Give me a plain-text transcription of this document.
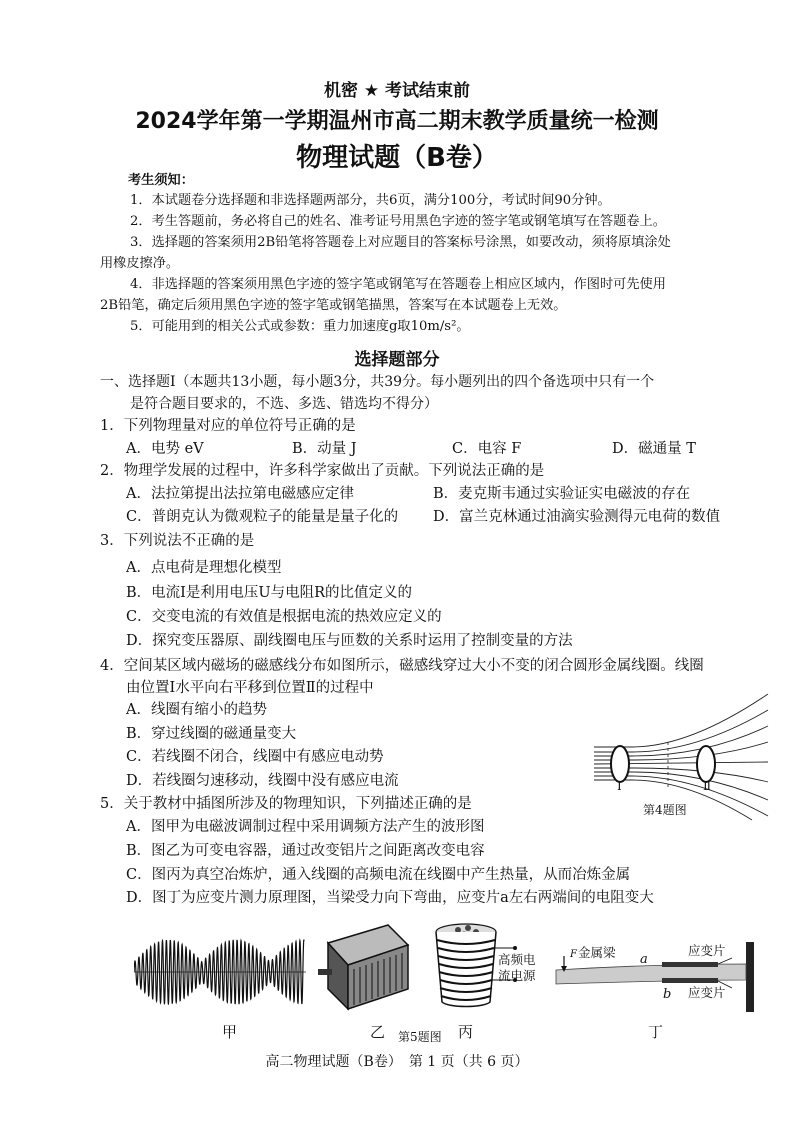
机密 ★ 考试结束前
2024学年第一学期温州市高二期末教学质量统一检测
物理试题（B卷）
考生须知：
1．本试题卷分选择题和非选择题两部分，共6页，满分100分，考试时间90分钟。
2．考生答题前，务必将自己的姓名、准考证号用黑色字迹的签字笔或钢笔填写在答题卷上。
3．选择题的答案须用2B铅笔将答题卷上对应题目的答案标号涂黑，如要改动，须将原填涂处
用橡皮擦净。
4．非选择题的答案须用黑色字迹的签字笔或钢笔写在答题卷上相应区域内，作图时可先使用
2B铅笔，确定后须用黑色字迹的签字笔或钢笔描黑，答案写在本试题卷上无效。
5．可能用到的相关公式或参数：重力加速度g取10m/s²。
选择题部分
一、选择题Ⅰ（本题共13小题，每小题3分，共39分。每小题列出的四个备选项中只有一个
是符合题目要求的，不选、多选、错选均不得分）
1．下列物理量对应的单位符号正确的是
A．电势 eV	B．动量 J	C．电容 F	D．磁通量 T
2．物理学发展的过程中，许多科学家做出了贡献。下列说法正确的是
A．法拉第提出法拉第电磁感应定律	B．麦克斯韦通过实验证实电磁波的存在
C．普朗克认为微观粒子的能量是量子化的 D．富兰克林通过油滴实验测得元电荷的数值
3．下列说法不正确的是
A．点电荷是理想化模型
B．电流I是利用电压U与电阻R的比值定义的
C．交变电流的有效值是根据电流的热效应定义的
D．探究变压器原、副线圈电压与匝数的关系时运用了控制变量的方法
4．空间某区域内磁场的磁感线分布如图所示，磁感线穿过大小不变的闭合圆形金属线圈。线圈
由位置Ⅰ水平向右平移到位置Ⅱ的过程中
A．线圈有缩小的趋势
B．穿过线圈的磁通量变大
C．若线圈不闭合，线圈中有感应电动势
D．若线圈匀速移动，线圈中没有感应电流	Ⅰ	Ⅱ
第4题图
5．关于教材中插图所涉及的物理知识，下列描述正确的是
A．图甲为电磁波调制过程中采用调频方法产生的波形图
B．图乙为可变电容器，通过改变铝片之间距离改变电容
C．图丙为真空冶炼炉，通入线圈的高频电流在线圈中产生热量，从而冶炼金属
D．图丁为应变片测力原理图，当梁受力向下弯曲，应变片a左右两端间的电阻变大
高频电
流电源
F 金属梁 a
b
应变片
应变片
甲	乙 第5题图 丙	丁
高二物理试题（B卷）　第 1 页（共 6 页）
